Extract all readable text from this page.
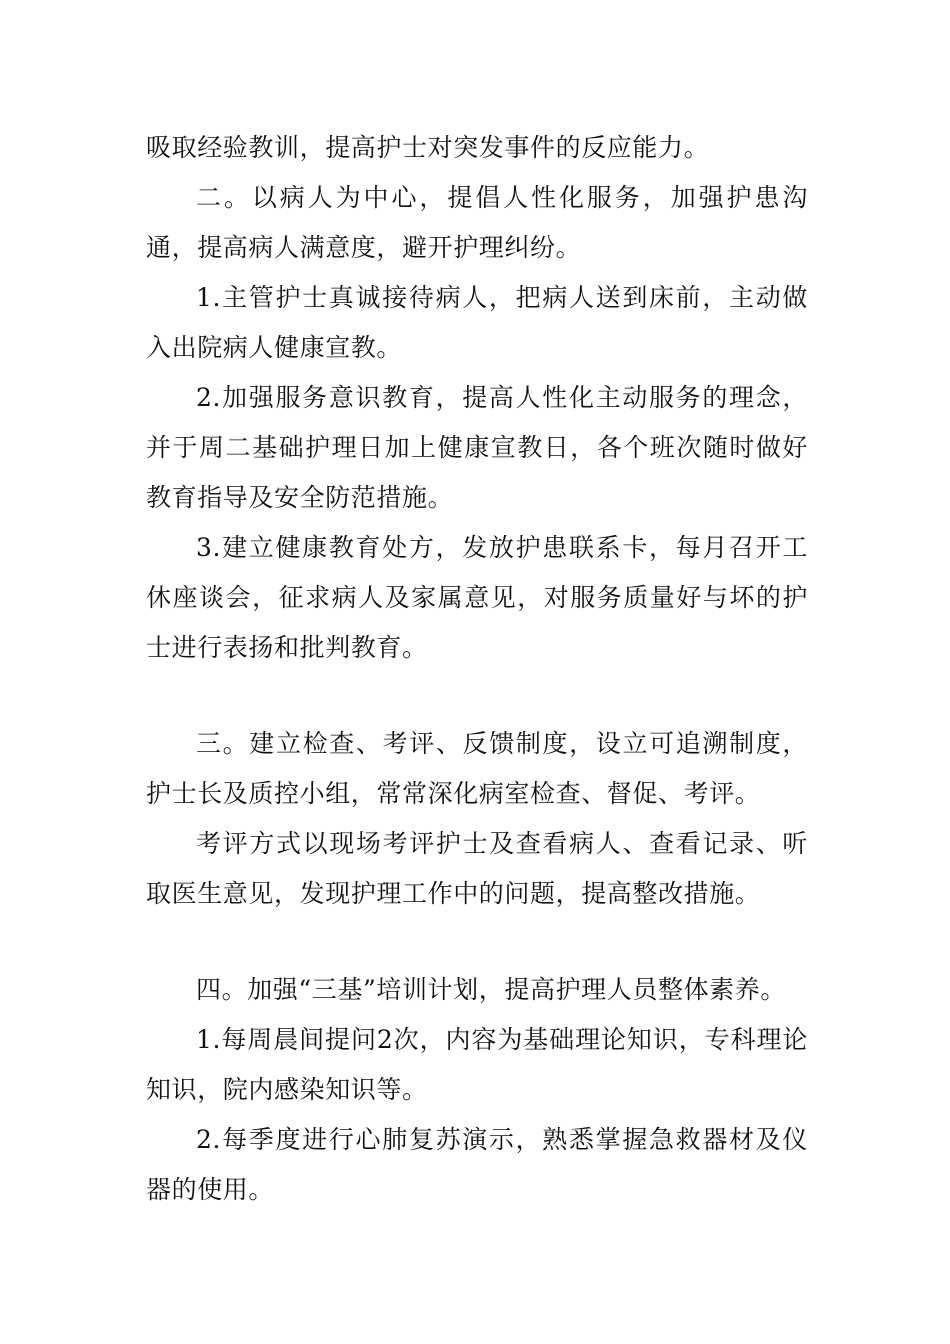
吸取经验教训，提高护士对突发事件的反应能力。

二。以病人为中心，提倡人性化服务，加强护患沟通，提高病人满意度，避开护理纠纷。

1.主管护士真诚接待病人，把病人送到床前，主动做入出院病人健康宣教。

2.加强服务意识教育，提高人性化主动服务的理念，并于周二基础护理日加上健康宣教日，各个班次随时做好教育指导及安全防范措施。

3.建立健康教育处方，发放护患联系卡，每月召开工休座谈会，征求病人及家属意见，对服务质量好与坏的护士进行表扬和批判教育。

三。建立检查、考评、反馈制度，设立可追溯制度，护士长及质控小组，常常深化病室检查、督促、考评。

考评方式以现场考评护士及查看病人、查看记录、听取医生意见，发现护理工作中的问题，提高整改措施。

四。加强“三基”培训计划，提高护理人员整体素养。

1.每周晨间提问2次，内容为基础理论知识，专科理论知识，院内感染知识等。

2.每季度进行心肺复苏演示，熟悉掌握急救器材及仪器的使用。
